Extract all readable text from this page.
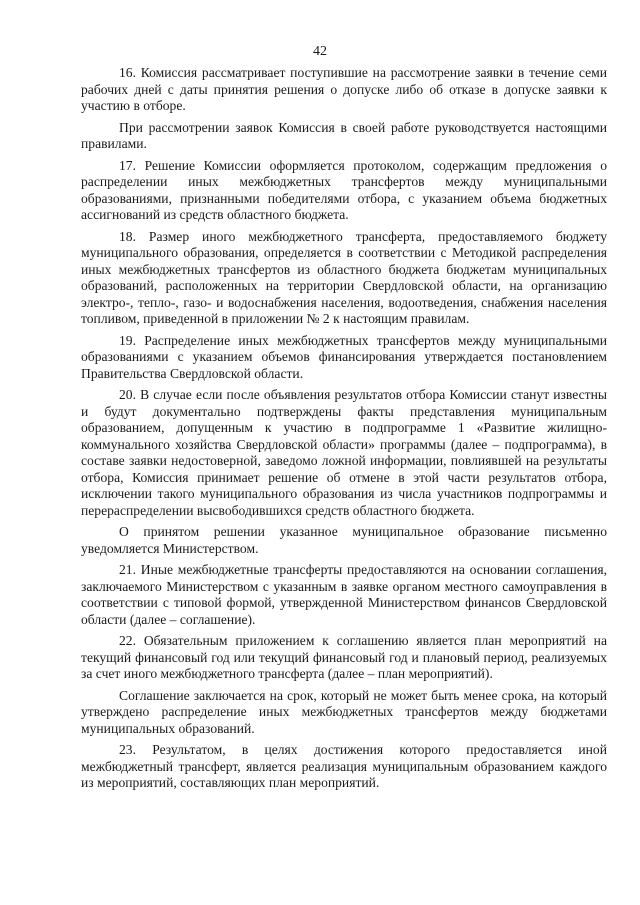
42

16. Комиссия рассматривает поступившие на рассмотрение заявки в течение семи рабочих дней с даты принятия решения о допуске либо об отказе в допуске заявки к участию в отборе.

При рассмотрении заявок Комиссия в своей работе руководствуется настоящими правилами.

17. Решение Комиссии оформляется протоколом, содержащим предложения о распределении иных межбюджетных трансфертов между муниципальными образованиями, признанными победителями отбора, с указанием объема бюджетных ассигнований из средств областного бюджета.

18. Размер иного межбюджетного трансферта, предоставляемого бюджету муниципального образования, определяется в соответствии с Методикой распределения иных межбюджетных трансфертов из областного бюджета бюджетам муниципальных образований, расположенных на территории Свердловской области, на организацию электро-, тепло-, газо- и водоснабжения населения, водоотведения, снабжения населения топливом, приведенной в приложении № 2 к настоящим правилам.

19. Распределение иных межбюджетных трансфертов между муниципальными образованиями с указанием объемов финансирования утверждается постановлением Правительства Свердловской области.

20. В случае если после объявления результатов отбора Комиссии станут известны и будут документально подтверждены факты представления муниципальным образованием, допущенным к участию в подпрограмме 1 «Развитие жилищно-коммунального хозяйства Свердловской области» программы (далее – подпрограмма), в составе заявки недостоверной, заведомо ложной информации, повлиявшей на результаты отбора, Комиссия принимает решение об отмене в этой части результатов отбора, исключении такого муниципального образования из числа участников подпрограммы и перераспределении высвободившихся средств областного бюджета.

О принятом решении указанное муниципальное образование письменно уведомляется Министерством.

21. Иные межбюджетные трансферты предоставляются на основании соглашения, заключаемого Министерством с указанным в заявке органом местного самоуправления в соответствии с типовой формой, утвержденной Министерством финансов Свердловской области (далее – соглашение).

22. Обязательным приложением к соглашению является план мероприятий на текущий финансовый год или текущий финансовый год и плановый период, реализуемых за счет иного межбюджетного трансферта (далее – план мероприятий).

Соглашение заключается на срок, который не может быть менее срока, на который утверждено распределение иных межбюджетных трансфертов между бюджетами муниципальных образований.

23. Результатом, в целях достижения которого предоставляется иной межбюджетный трансферт, является реализация муниципальным образованием каждого из мероприятий, составляющих план мероприятий.
